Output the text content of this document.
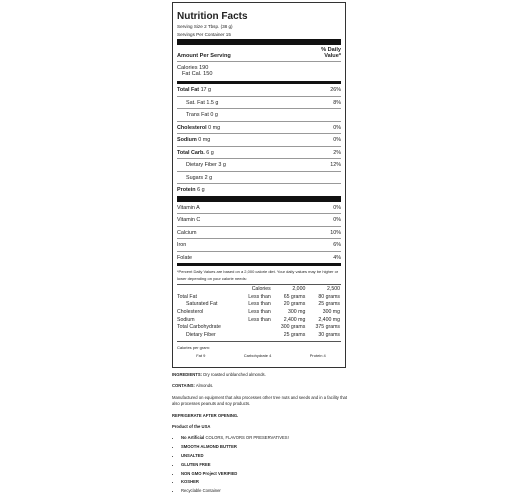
Nutrition Facts
Serving Size 2 Tbsp. (38 g)
Servings Per Container 15
Amount Per Serving
% Daily
Value*
Calories 190
Fat Cal. 150
Total Fat 17 g	26%
Sat. Fat 1.5 g	8%
Trans Fat 0 g
Cholesterol 0 mg	0%
Sodium 0 mg	0%
Total Carb. 6 g	2%
Dietary Fiber 3 g	12%
Sugars 2 g
Protein 6 g
Vitamin A	0%
Vitamin C	0%
Calcium	10%
Iron	6%
Folate	4%
*Percent Daily Values are based on a 2,000 calorie diet. Your daily values may be higher or lower depending on your calorie needs:
	Calories	2,000	2,500
Total Fat	Less than	65 grams	80 grams
Saturated Fat	Less than	20 grams	25 grams
Cholesterol	Less than	300 mg	300 mg
Sodium	Less than	2,400 mg	2,400 mg
Total Carbohydrate		300 grams	375 grams
Dietary Fiber		25 grams	30 grams
Calories per gram:
Fat 9	Carbohydrate 4	Protein 4

INGREDIENTS: Dry roasted unblanched almonds.

CONTAINS: Almonds.

Manufactured on equipment that also processes other tree nuts and seeds and in a facility that also processes peanuts and soy products.

REFRIGERATE AFTER OPENING.

Product of the USA

• No Artificial COLORS, FLAVORS OR PRESERVATIVES!
• SMOOTH ALMOND BUTTER
• UNSALTED
• GLUTEN FREE
• NON GMO Project VERIFIED
• KOSHER
• Recyclable Container
